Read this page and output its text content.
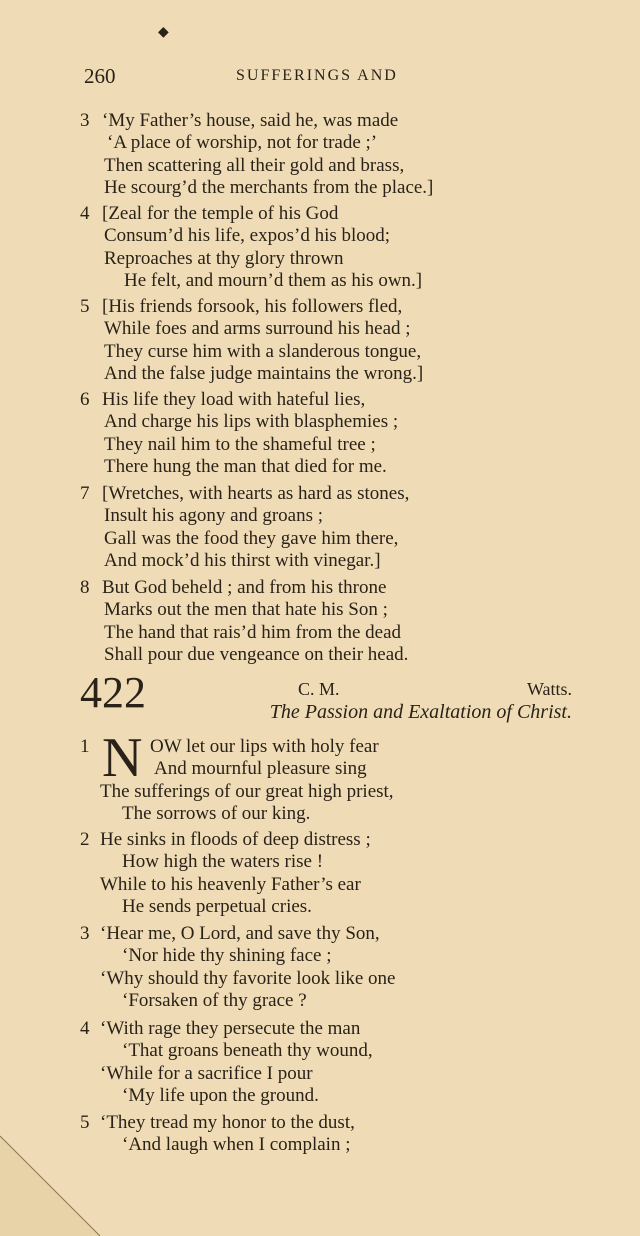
◆
260	SUFFERINGS AND
3 ‘My Father’s house, said he, was made
‘A place of worship, not for trade ;’
Then scattering all their gold and brass,
He scourg’d the merchants from the place.]
4 [Zeal for the temple of his God
Consum’d his life, expos’d his blood;
Reproaches at thy glory thrown
He felt, and mourn’d them as his own.]
5 [His friends forsook, his followers fled,
While foes and arms surround his head ;
They curse him with a slanderous tongue,
And the false judge maintains the wrong.]
6 His life they load with hateful lies,
And charge his lips with blasphemies ;
They nail him to the shameful tree ;
There hung the man that died for me.
7 [Wretches, with hearts as hard as stones,
Insult his agony and groans ;
Gall was the food they gave him there,
And mock’d his thirst with vinegar.]
8 But God beheld ; and from his throne
Marks out the men that hate his Son ;
The hand that rais’d him from the dead
Shall pour due vengeance on their head.
422	C. M.	Watts.
The Passion and Exaltation of Christ.
1 N OW let our lips with holy fear
And mournful pleasure sing
The sufferings of our great high priest,
The sorrows of our king.
2 He sinks in floods of deep distress ;
How high the waters rise !
While to his heavenly Father’s ear
He sends perpetual cries.
3 ‘Hear me, O Lord, and save thy Son,
‘Nor hide thy shining face ;
‘Why should thy favorite look like one
‘Forsaken of thy grace ?
4 ‘With rage they persecute the man
‘That groans beneath thy wound,
‘While for a sacrifice I pour
‘My life upon the ground.
5 ‘They tread my honor to the dust,
‘And laugh when I complain ;
